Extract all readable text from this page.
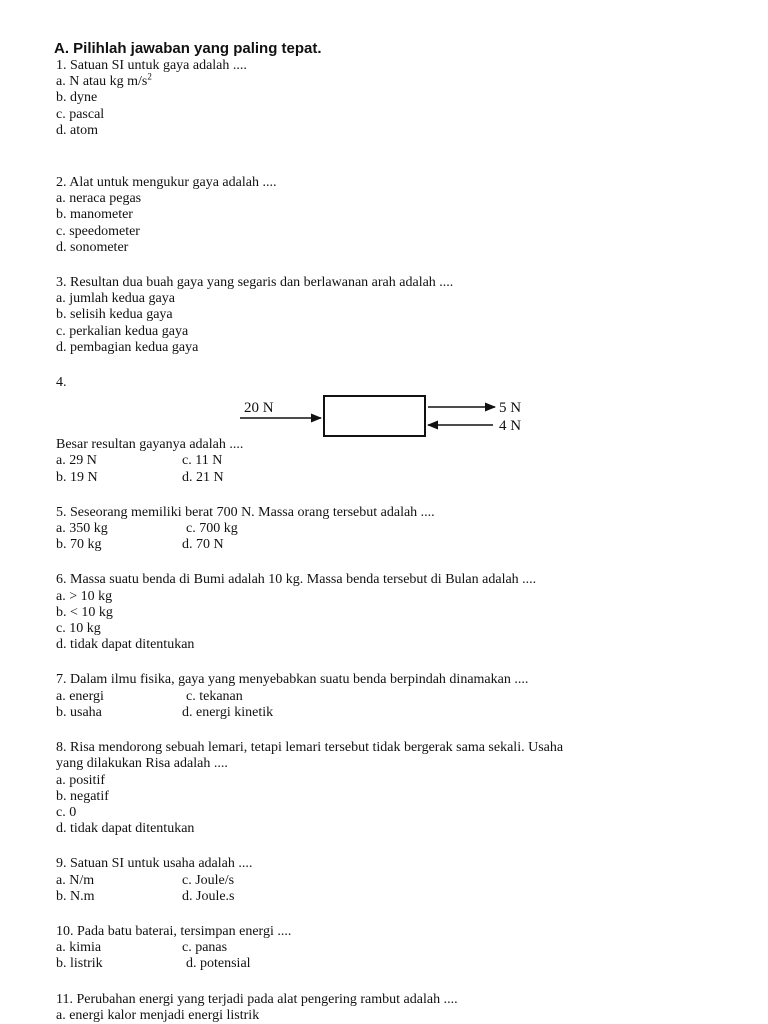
A. Pilihlah jawaban yang paling tepat.
1. Satuan SI untuk gaya adalah ....
a. N atau kg $m/s^2$
b. dyne
c. pascal
d. atom
2. Alat untuk mengukur gaya adalah ....
a. neraca pegas
b. manometer
c. speedometer
d. sonometer
3. Resultan dua buah gaya yang segaris dan berlawanan arah adalah ....
a. jumlah kedua gaya
b. selisih kedua gaya
c. perkalian kedua gaya
d. pembagian kedua gaya
4.
20 N	5 N
4 N
Besar resultan gayanya adalah ....
a. 29 N	c. 11 N
b. 19 N	d. 21 N
5. Seseorang memiliki berat 700 N. Massa orang tersebut adalah ....
a. 350 kg	c. 700 kg
b. 70 kg	d. 70 N
6. Massa suatu benda di Bumi adalah 10 kg. Massa benda tersebut di Bulan adalah ....
a. > 10 kg
b. < 10 kg
c. 10 kg
d. tidak dapat ditentukan
7. Dalam ilmu fisika, gaya yang menyebabkan suatu benda berpindah dinamakan ....
a. energi	c. tekanan
b. usaha	d. energi kinetik
8. Risa mendorong sebuah lemari, tetapi lemari tersebut tidak bergerak sama sekali. Usaha
yang dilakukan Risa adalah ....
a. positif
b. negatif
c. 0
d. tidak dapat ditentukan
9. Satuan SI untuk usaha adalah ....
a. N/m	c. Joule/s
b. N.m	d. Joule.s
10. Pada batu baterai, tersimpan energi ....
a. kimia	c. panas
b. listrik	d. potensial
11. Perubahan energi yang terjadi pada alat pengering rambut adalah ....
a. energi kalor menjadi energi listrik
